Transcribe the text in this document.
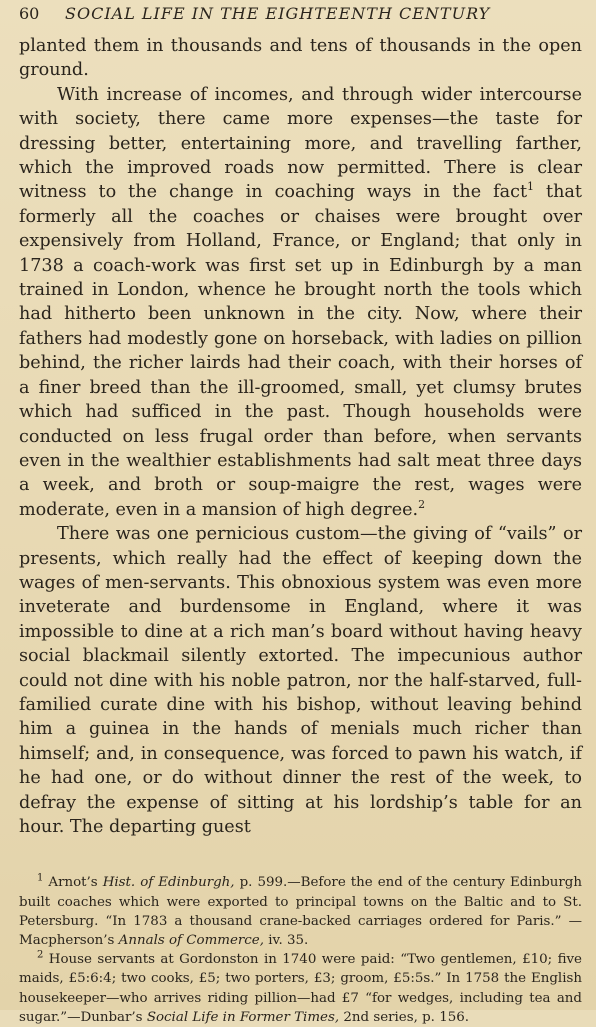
60	SOCIAL LIFE IN THE EIGHTEENTH CENTURY

planted them in thousands and tens of thousands in the open ground.

With increase of incomes, and through wider intercourse with society, there came more expenses—the taste for dressing better, entertaining more, and travelling farther, which the improved roads now permitted. There is clear witness to the change in coaching ways in the fact$^1$ that formerly all the coaches or chaises were brought over expensively from Holland, France, or England; that only in 1738 a coach-work was first set up in Edinburgh by a man trained in London, whence he brought north the tools which had hitherto been unknown in the city. Now, where their fathers had modestly gone on horseback, with ladies on pillion behind, the richer lairds had their coach, with their horses of a finer breed than the ill-groomed, small, yet clumsy brutes which had sufficed in the past. Though households were conducted on less frugal order than before, when servants even in the wealthier establishments had salt meat three days a week, and broth or soup-maigre the rest, wages were moderate, even in a mansion of high degree.$^2$

There was one pernicious custom—the giving of “vails” or presents, which really had the effect of keeping down the wages of men-servants. This obnoxious system was even more inveterate and burdensome in England, where it was impossible to dine at a rich man’s board without having heavy social blackmail silently extorted. The impecunious author could not dine with his noble patron, nor the half-starved, full-familied curate dine with his bishop, without leaving behind him a guinea in the hands of menials much richer than himself; and, in consequence, was forced to pawn his watch, if he had one, or do without dinner the rest of the week, to defray the expense of sitting at his lordship’s table for an hour. The departing guest

$^1$ Arnot’s Hist. of Edinburgh, p. 599.—Before the end of the century Edinburgh built coaches which were exported to principal towns on the Baltic and to St. Petersburg. “In 1783 a thousand crane-backed carriages ordered for Paris.” —Macpherson’s Annals of Commerce, iv. 35.

$^2$ House servants at Gordonston in 1740 were paid: “Two gentlemen, £10; five maids, £5:6:4; two cooks, £5; two porters, £3; groom, £5:5s.” In 1758 the English housekeeper—who arrives riding pillion—had £7 “for wedges, including tea and sugar.”—Dunbar’s Social Life in Former Times, 2nd series, p. 156.
